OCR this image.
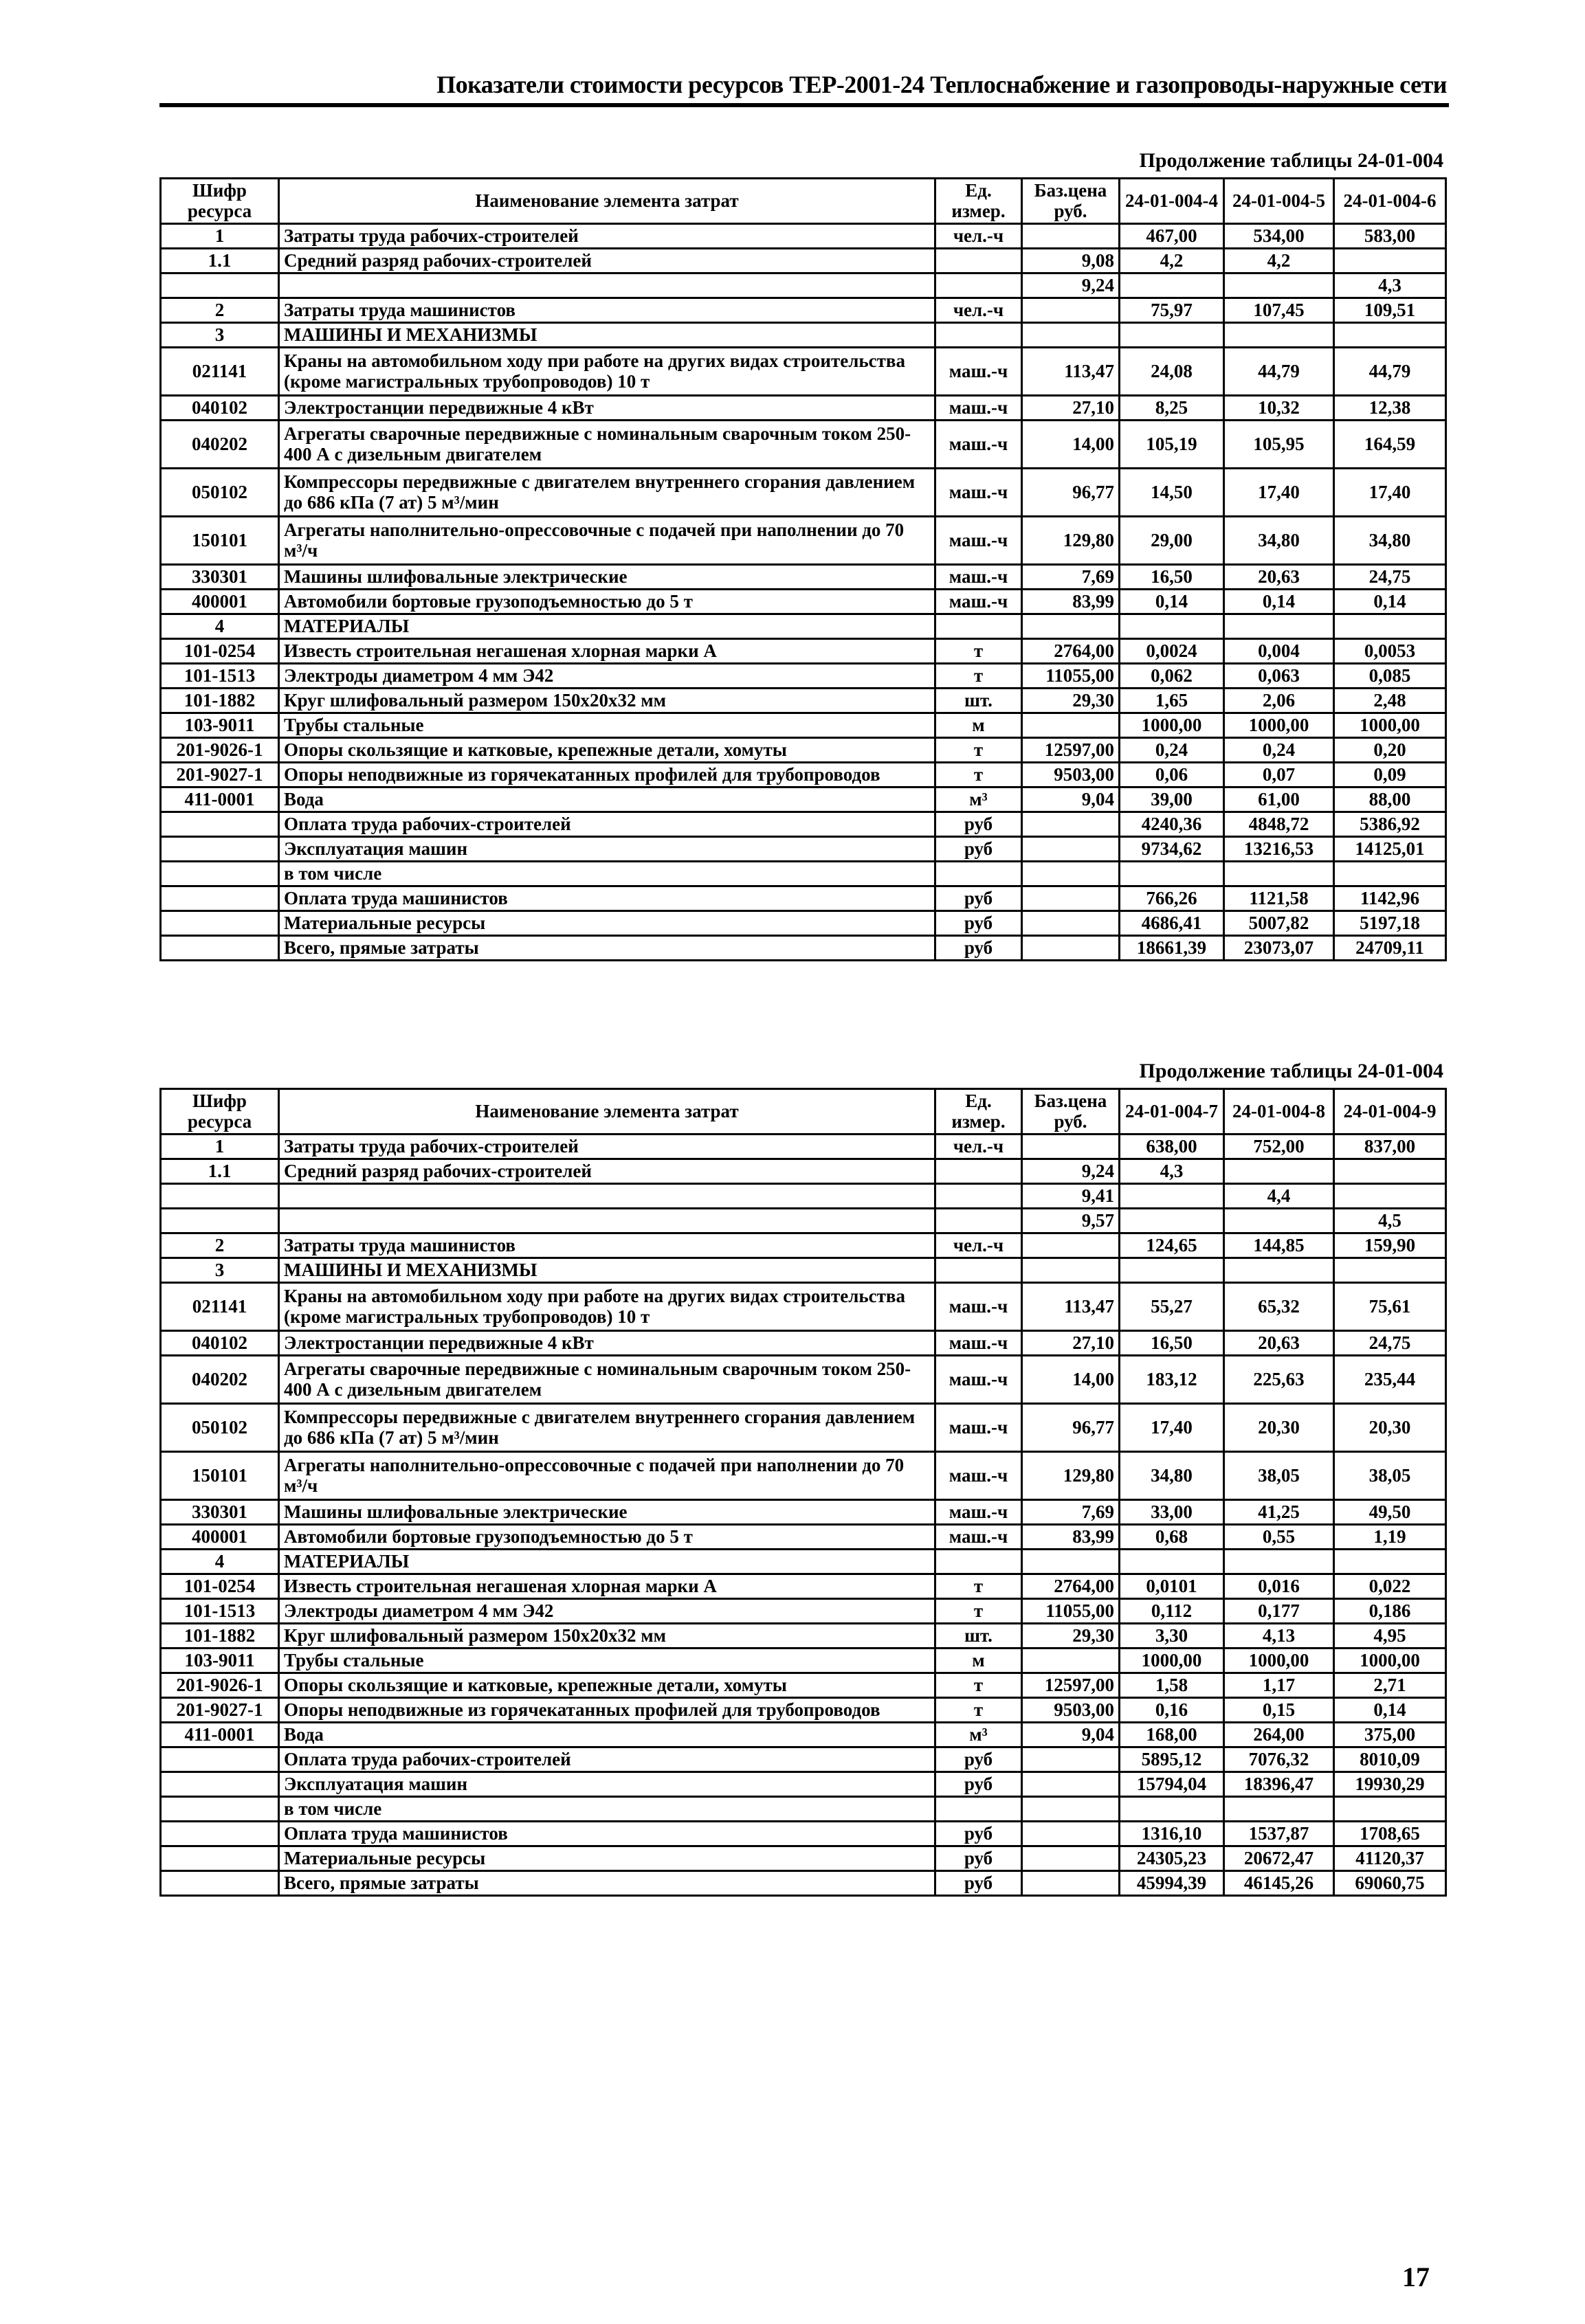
Показатели стоимости ресурсов ТЕР-2001-24 Теплоснабжение и газопроводы-наружные сети
Продолжение таблицы 24-01-004
Шифр ресурса	Наименование элемента затрат	Ед. измер.	Баз.цена руб.	24-01-004-4	24-01-004-5	24-01-004-6
1	Затраты труда рабочих-строителей	чел.-ч		467,00	534,00	583,00
1.1	Средний разряд рабочих-строителей		9,08	4,2	4,2	
			9,24			4,3
2	Затраты труда машинистов	чел.-ч		75,97	107,45	109,51
3	МАШИНЫ И МЕХАНИЗМЫ					
021141	Краны на автомобильном ходу при работе на других видах строительства (кроме магистральных трубопроводов) 10 т	маш.-ч	113,47	24,08	44,79	44,79
040102	Электростанции передвижные 4 кВт	маш.-ч	27,10	8,25	10,32	12,38
040202	Агрегаты сварочные передвижные с номинальным сварочным током 250-400 А с дизельным двигателем	маш.-ч	14,00	105,19	105,95	164,59
050102	Компрессоры передвижные с двигателем внутреннего сгорания давлением до 686 кПа (7 ат) 5 м³/мин	маш.-ч	96,77	14,50	17,40	17,40
150101	Агрегаты наполнительно-опрессовочные с подачей при наполнении до 70 м³/ч	маш.-ч	129,80	29,00	34,80	34,80
330301	Машины шлифовальные электрические	маш.-ч	7,69	16,50	20,63	24,75
400001	Автомобили бортовые грузоподъемностью до 5 т	маш.-ч	83,99	0,14	0,14	0,14
4	МАТЕРИАЛЫ					
101-0254	Известь строительная негашеная хлорная марки А	т	2764,00	0,0024	0,004	0,0053
101-1513	Электроды диаметром 4 мм Э42	т	11055,00	0,062	0,063	0,085
101-1882	Круг шлифовальный размером 150x20x32 мм	шт.	29,30	1,65	2,06	2,48
103-9011	Трубы стальные	м		1000,00	1000,00	1000,00
201-9026-1	Опоры скользящие и катковые, крепежные детали, хомуты	т	12597,00	0,24	0,24	0,20
201-9027-1	Опоры неподвижные из горячекатанных профилей для трубопроводов	т	9503,00	0,06	0,07	0,09
411-0001	Вода	м³	9,04	39,00	61,00	88,00
	Оплата труда рабочих-строителей	руб		4240,36	4848,72	5386,92
	Эксплуатация машин	руб		9734,62	13216,53	14125,01
	в том числе					
	Оплата труда машинистов	руб		766,26	1121,58	1142,96
	Материальные ресурсы	руб		4686,41	5007,82	5197,18
	Всего, прямые затраты	руб		18661,39	23073,07	24709,11
Продолжение таблицы 24-01-004
Шифр ресурса	Наименование элемента затрат	Ед. измер.	Баз.цена руб.	24-01-004-7	24-01-004-8	24-01-004-9
1	Затраты труда рабочих-строителей	чел.-ч		638,00	752,00	837,00
1.1	Средний разряд рабочих-строителей		9,24	4,3		
			9,41		4,4	
			9,57			4,5
2	Затраты труда машинистов	чел.-ч		124,65	144,85	159,90
3	МАШИНЫ И МЕХАНИЗМЫ					
021141	Краны на автомобильном ходу при работе на других видах строительства (кроме магистральных трубопроводов) 10 т	маш.-ч	113,47	55,27	65,32	75,61
040102	Электростанции передвижные 4 кВт	маш.-ч	27,10	16,50	20,63	24,75
040202	Агрегаты сварочные передвижные с номинальным сварочным током 250-400 А с дизельным двигателем	маш.-ч	14,00	183,12	225,63	235,44
050102	Компрессоры передвижные с двигателем внутреннего сгорания давлением до 686 кПа (7 ат) 5 м³/мин	маш.-ч	96,77	17,40	20,30	20,30
150101	Агрегаты наполнительно-опрессовочные с подачей при наполнении до 70 м³/ч	маш.-ч	129,80	34,80	38,05	38,05
330301	Машины шлифовальные электрические	маш.-ч	7,69	33,00	41,25	49,50
400001	Автомобили бортовые грузоподъемностью до 5 т	маш.-ч	83,99	0,68	0,55	1,19
4	МАТЕРИАЛЫ					
101-0254	Известь строительная негашеная хлорная марки А	т	2764,00	0,0101	0,016	0,022
101-1513	Электроды диаметром 4 мм Э42	т	11055,00	0,112	0,177	0,186
101-1882	Круг шлифовальный размером 150x20x32 мм	шт.	29,30	3,30	4,13	4,95
103-9011	Трубы стальные	м		1000,00	1000,00	1000,00
201-9026-1	Опоры скользящие и катковые, крепежные детали, хомуты	т	12597,00	1,58	1,17	2,71
201-9027-1	Опоры неподвижные из горячекатанных профилей для трубопроводов	т	9503,00	0,16	0,15	0,14
411-0001	Вода	м³	9,04	168,00	264,00	375,00
	Оплата труда рабочих-строителей	руб		5895,12	7076,32	8010,09
	Эксплуатация машин	руб		15794,04	18396,47	19930,29
	в том числе					
	Оплата труда машинистов	руб		1316,10	1537,87	1708,65
	Материальные ресурсы	руб		24305,23	20672,47	41120,37
	Всего, прямые затраты	руб		45994,39	46145,26	69060,75
17
